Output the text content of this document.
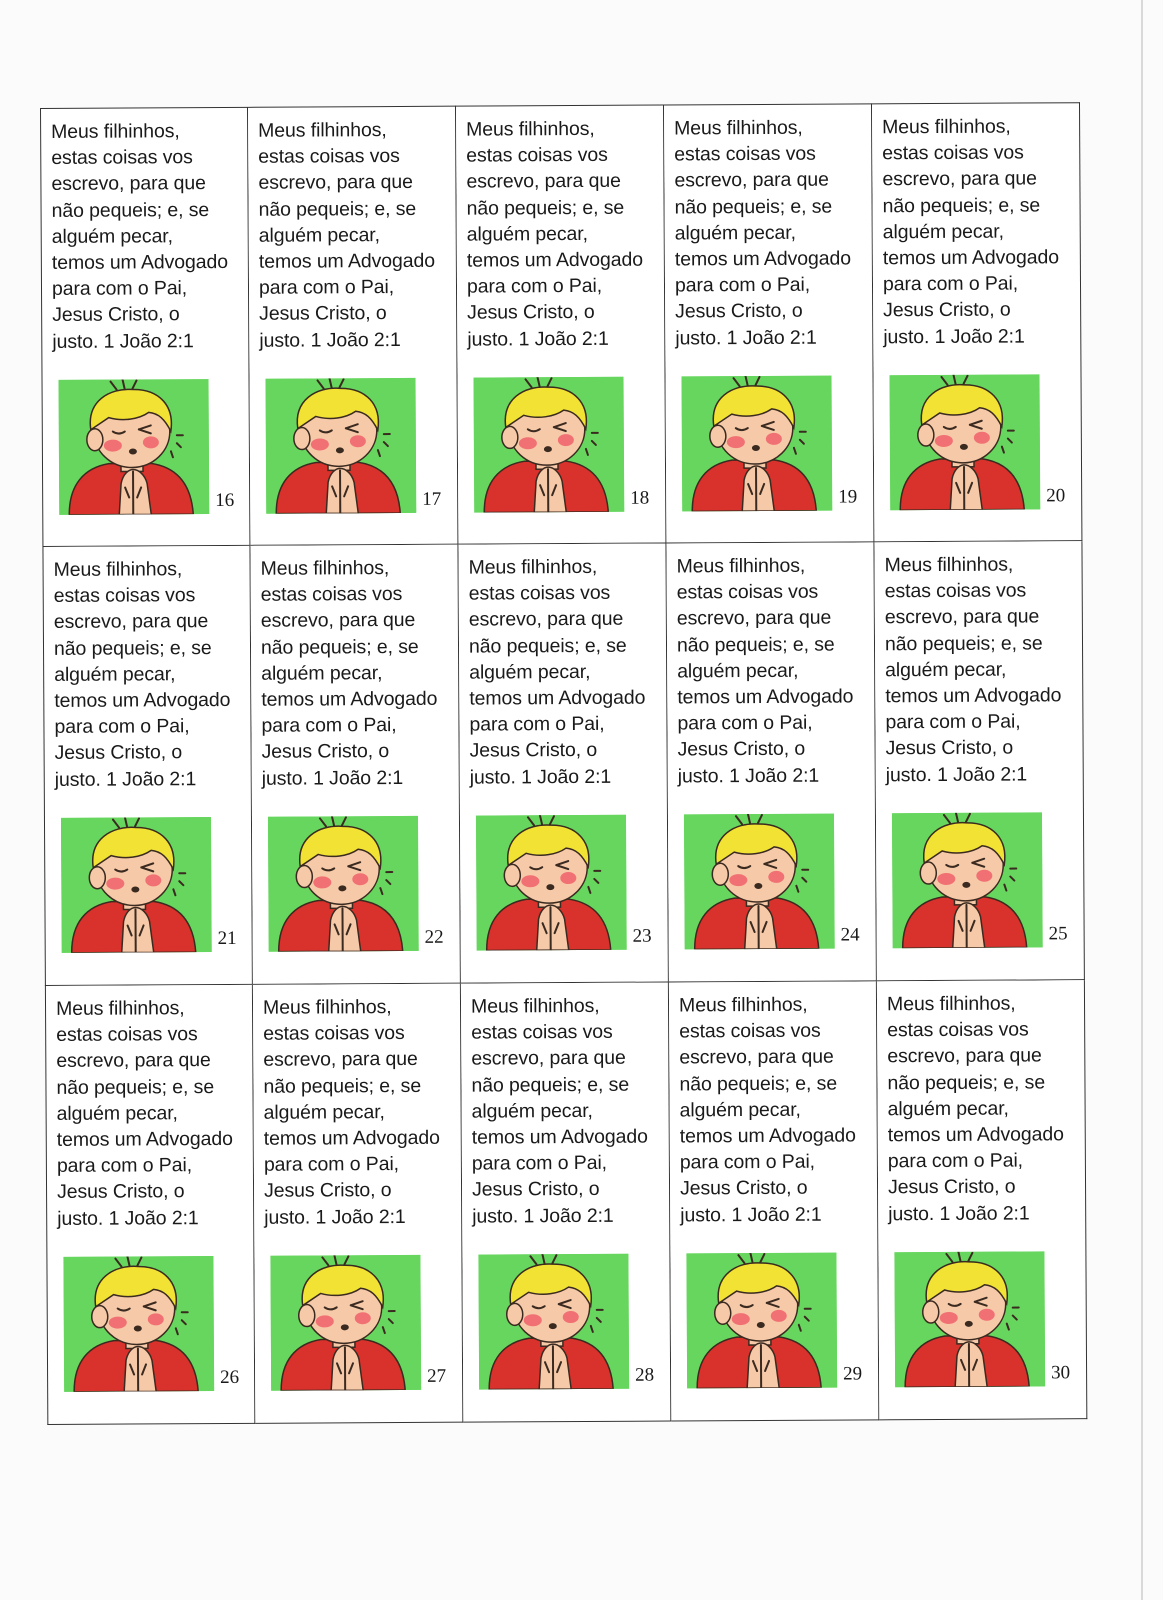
Meus filhinhos,
estas coisas vos
escrevo, para que
não pequeis; e, se
alguém pecar,
temos um Advogado
para com o Pai,
Jesus Cristo, o
justo. 1 João 2:1
16
Meus filhinhos,
estas coisas vos
escrevo, para que
não pequeis; e, se
alguém pecar,
temos um Advogado
para com o Pai,
Jesus Cristo, o
justo. 1 João 2:1
17
Meus filhinhos,
estas coisas vos
escrevo, para que
não pequeis; e, se
alguém pecar,
temos um Advogado
para com o Pai,
Jesus Cristo, o
justo. 1 João 2:1
18
Meus filhinhos,
estas coisas vos
escrevo, para que
não pequeis; e, se
alguém pecar,
temos um Advogado
para com o Pai,
Jesus Cristo, o
justo. 1 João 2:1
19
Meus filhinhos,
estas coisas vos
escrevo, para que
não pequeis; e, se
alguém pecar,
temos um Advogado
para com o Pai,
Jesus Cristo, o
justo. 1 João 2:1
20
Meus filhinhos,
estas coisas vos
escrevo, para que
não pequeis; e, se
alguém pecar,
temos um Advogado
para com o Pai,
Jesus Cristo, o
justo. 1 João 2:1
21
Meus filhinhos,
estas coisas vos
escrevo, para que
não pequeis; e, se
alguém pecar,
temos um Advogado
para com o Pai,
Jesus Cristo, o
justo. 1 João 2:1
22
Meus filhinhos,
estas coisas vos
escrevo, para que
não pequeis; e, se
alguém pecar,
temos um Advogado
para com o Pai,
Jesus Cristo, o
justo. 1 João 2:1
23
Meus filhinhos,
estas coisas vos
escrevo, para que
não pequeis; e, se
alguém pecar,
temos um Advogado
para com o Pai,
Jesus Cristo, o
justo. 1 João 2:1
24
Meus filhinhos,
estas coisas vos
escrevo, para que
não pequeis; e, se
alguém pecar,
temos um Advogado
para com o Pai,
Jesus Cristo, o
justo. 1 João 2:1
25
Meus filhinhos,
estas coisas vos
escrevo, para que
não pequeis; e, se
alguém pecar,
temos um Advogado
para com o Pai,
Jesus Cristo, o
justo. 1 João 2:1
26
Meus filhinhos,
estas coisas vos
escrevo, para que
não pequeis; e, se
alguém pecar,
temos um Advogado
para com o Pai,
Jesus Cristo, o
justo. 1 João 2:1
27
Meus filhinhos,
estas coisas vos
escrevo, para que
não pequeis; e, se
alguém pecar,
temos um Advogado
para com o Pai,
Jesus Cristo, o
justo. 1 João 2:1
28
Meus filhinhos,
estas coisas vos
escrevo, para que
não pequeis; e, se
alguém pecar,
temos um Advogado
para com o Pai,
Jesus Cristo, o
justo. 1 João 2:1
29
Meus filhinhos,
estas coisas vos
escrevo, para que
não pequeis; e, se
alguém pecar,
temos um Advogado
para com o Pai,
Jesus Cristo, o
justo. 1 João 2:1
30
